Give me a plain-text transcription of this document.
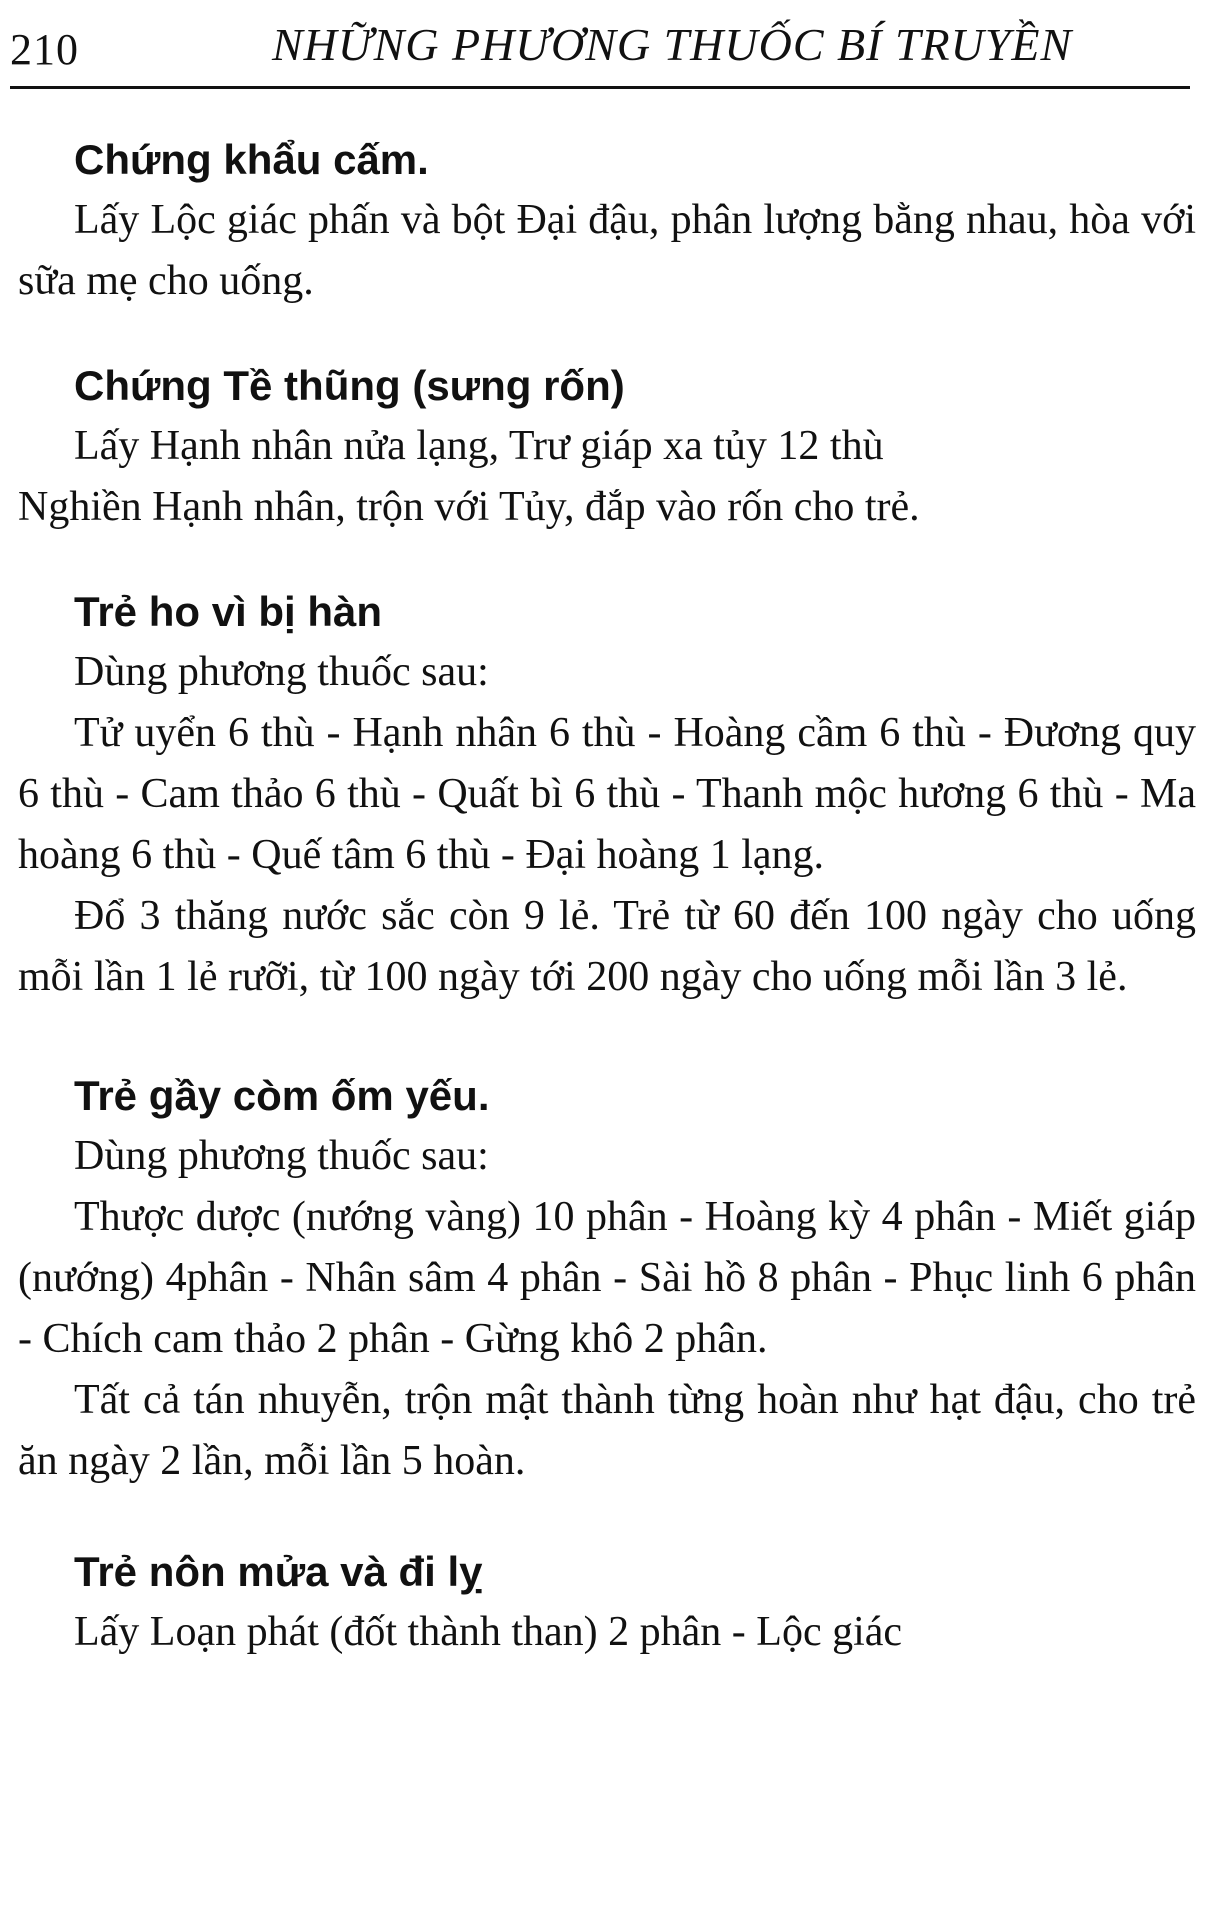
210	NHỮNG PHƯƠNG THUỐC BÍ TRUYỀN

Chứng khẩu cấm.

Lấy Lộc giác phấn và bột Đại đậu, phân lượng bằng nhau, hòa với sữa mẹ cho uống.

Chứng Tề thũng (sưng rốn)

Lấy Hạnh nhân nửa lạng, Trư giáp xa tủy 12 thù

Nghiền Hạnh nhân, trộn với Tủy, đắp vào rốn cho trẻ.

Trẻ ho vì bị hàn

Dùng phương thuốc sau:

Tử uyển 6 thù - Hạnh nhân 6 thù - Hoàng cầm 6 thù - Đương quy 6 thù - Cam thảo 6 thù - Quất bì 6 thù - Thanh mộc hương 6 thù - Ma hoàng 6 thù - Quế tâm 6 thù - Đại hoàng 1 lạng.

Đổ 3 thăng nước sắc còn 9 lẻ. Trẻ từ 60 đến 100 ngày cho uống mỗi lần 1 lẻ rưỡi, từ 100 ngày tới 200 ngày cho uống mỗi lần 3 lẻ.

Trẻ gầy còm ốm yếu.

Dùng phương thuốc sau:

Thược dược (nướng vàng) 10 phân - Hoàng kỳ 4 phân - Miết giáp (nướng) 4phân - Nhân sâm 4 phân - Sài hồ 8 phân - Phục linh 6 phân - Chích cam thảo 2 phân - Gừng khô 2 phân.

Tất cả tán nhuyễn, trộn mật thành từng hoàn như hạt đậu, cho trẻ ăn ngày 2 lần, mỗi lần 5 hoàn.

Trẻ nôn mửa và đi lỵ

Lấy Loạn phát (đốt thành than) 2 phân - Lộc giác
